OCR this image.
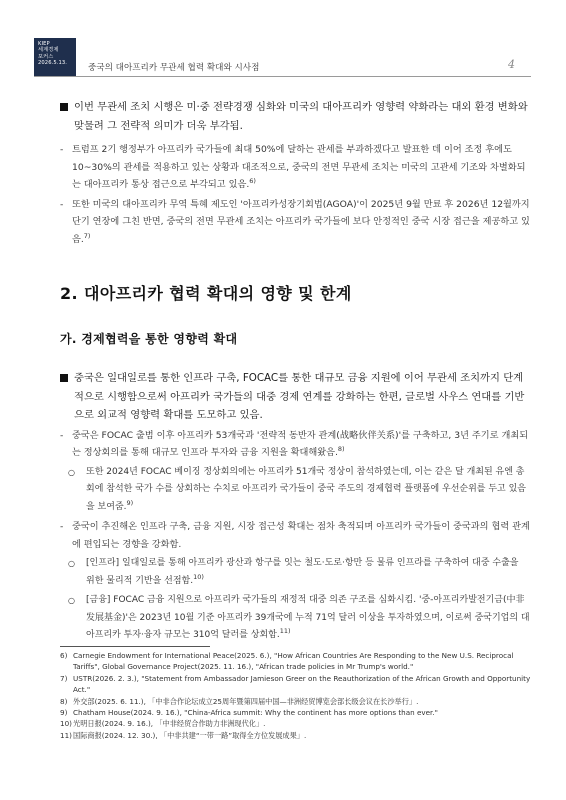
KIEP
세계경제
포커스
2026.5.13.	중국의 대아프리카 무관세 협력 확대와 시사점	4
이번 무관세 조치 시행은 미·중 전략경쟁 심화와 미국의 대아프리카 영향력 약화라는 대외 환경 변화와 맞물려 그 전략적 의미가 더욱 부각됨.
- 트럼프 2기 행정부가 아프리카 국가들에 최대 50%에 달하는 관세를 부과하겠다고 발표한 데 이어 조정 후에도 10~30%의 관세를 적용하고 있는 상황과 대조적으로, 중국의 전면 무관세 조치는 미국의 고관세 기조와 차별화되는 대아프리카 통상 접근으로 부각되고 있음.$^{6)}$
- 또한 미국의 대아프리카 무역 특혜 제도인 '아프리카성장기회법(AGOA)'이 2025년 9월 만료 후 2026년 12월까지 단기 연장에 그친 반면, 중국의 전면 무관세 조치는 아프리카 국가들에 보다 안정적인 중국 시장 접근을 제공하고 있음.$^{7)}$
2. 대아프리카 협력 확대의 영향 및 한계
가. 경제협력을 통한 영향력 확대
중국은 일대일로를 통한 인프라 구축, FOCAC를 통한 대규모 금융 지원에 이어 무관세 조치까지 단계적으로 시행함으로써 아프리카 국가들의 대중 경제 연계를 강화하는 한편, 글로벌 사우스 연대를 기반으로 외교적 영향력 확대를 도모하고 있음.
- 중국은 FOCAC 출범 이후 아프리카 53개국과 '전략적 동반자 관계(战略伙伴关系)'를 구축하고, 3년 주기로 개최되는 정상회의를 통해 대규모 인프라 투자와 금융 지원을 확대해왔음.$^{8)}$
○ 또한 2024년 FOCAC 베이징 정상회의에는 아프리카 51개국 정상이 참석하였는데, 이는 같은 달 개최된 유엔 총회에 참석한 국가 수를 상회하는 수치로 아프리카 국가들이 중국 주도의 경제협력 플랫폼에 우선순위를 두고 있음을 보여줌.$^{9)}$
- 중국이 추진해온 인프라 구축, 금융 지원, 시장 접근성 확대는 점차 축적되며 아프리카 국가들이 중국과의 협력 관계에 편입되는 경향을 강화함.
○ [인프라] 일대일로를 통해 아프리카 광산과 항구를 잇는 철도·도로·항만 등 물류 인프라를 구축하여 대중 수출을 위한 물리적 기반을 선점함.$^{10)}$
○ [금융] FOCAC 금융 지원으로 아프리카 국가들의 재정적 대중 의존 구조를 심화시킴. '중-아프리카발전기금(中非发展基金)'은 2023년 10월 기준 아프리카 39개국에 누적 71억 달러 이상을 투자하였으며, 이로써 중국기업의 대아프리카 투자·융자 규모는 310억 달러를 상회함.$^{11)}$
6) Carnegie Endowment for International Peace(2025. 6.), "How African Countries Are Responding to the New U.S. Reciprocal Tariffs", Global Governance Project(2025. 11. 16.), "African trade policies in Mr Trump's world."
7) USTR(2026. 2. 3.), "Statement from Ambassador Jamieson Greer on the Reauthorization of the African Growth and Opportunity Act."
8) 外交部(2025. 6. 11.), 「中非合作论坛成立25周年暨第四届中国—非洲经贸博览会部长级会议在长沙举行」.
9) Chatham House(2024. 9. 16.), "China-Africa summit: Why the continent has more options than ever."
10) 光明日报(2024. 9. 16.), 「中非经贸合作助力非洲现代化」.
11) 国际商报(2024. 12. 30.), 「中非共建“一带一路”取得全方位发展成果」.
